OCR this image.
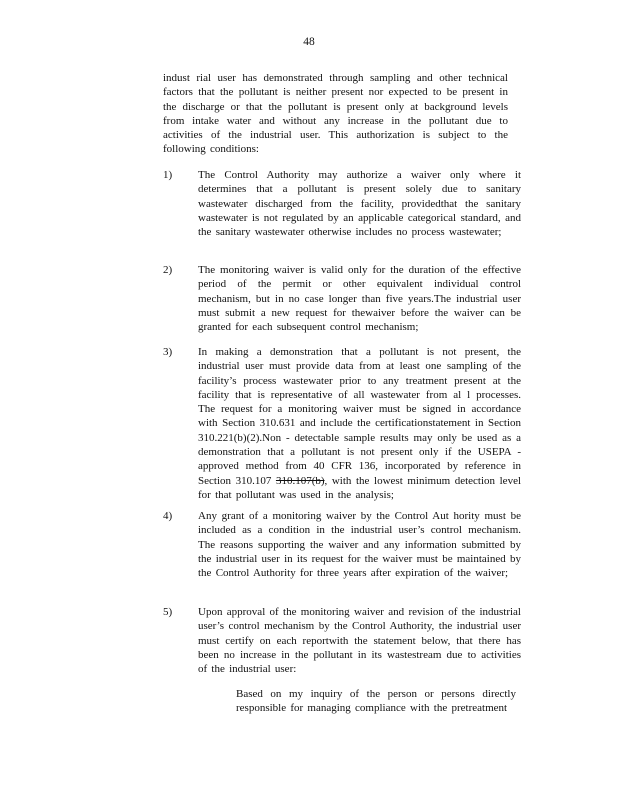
48
indust rial user has demonstrated through sampling and other technical factors that the pollutant is neither present nor expected to be present in the discharge or that the pollutant is present only at background levels from intake water and without any increase in the pollutant due to activities of the industrial user. This authorization is subject to the following conditions:
1)	The Control Authority may authorize a waiver only where it determines that a pollutant is present solely due to sanitary wastewater discharged from the facility, providedthat the sanitary wastewater is not regulated by an applicable categorical standard, and the sanitary wastewater otherwise includes no process wastewater;
2)	The monitoring waiver is valid only for the duration of the effective period of the permit or other equivalent individual control mechanism, but in no case longer than five years.The industrial user must submit a new request for thewaiver before the waiver can be granted for each subsequent control mechanism;
3)	In making a demonstration that a pollutant is not present, the industrial user must provide data from at least one sampling of the facility’s process wastewater prior to any treatment present at the facility that is representative of all wastewater from al l processes. The request for a monitoring waiver must be signed in accordance with Section 310.631 and include the certificationstatement in Section 310.221(b)(2).Non - detectable sample results may only be used as a demonstration that a pollutant is not present only if the USEPA -approved method from 40 CFR 136, incorporated by reference in Section 310.107 310.107(b), with the lowest minimum detection level for that pollutant was used in the analysis;
4)	Any grant of a monitoring waiver by the Control Aut hority must be included as a condition in the industrial user’s control mechanism. The reasons supporting the waiver and any information submitted by the industrial user in its request for the waiver must be maintained by the Control Authority for three years after expiration of the waiver;
5)	Upon approval of the monitoring waiver and revision of the industrial user’s control mechanism by the Control Authority, the industrial user must certify on each reportwith the statement below, that there has been no increase in the pollutant in its wastestream due to activities of the industrial user:
Based on my inquiry of the person or persons directly responsible for managing compliance with the pretreatment
